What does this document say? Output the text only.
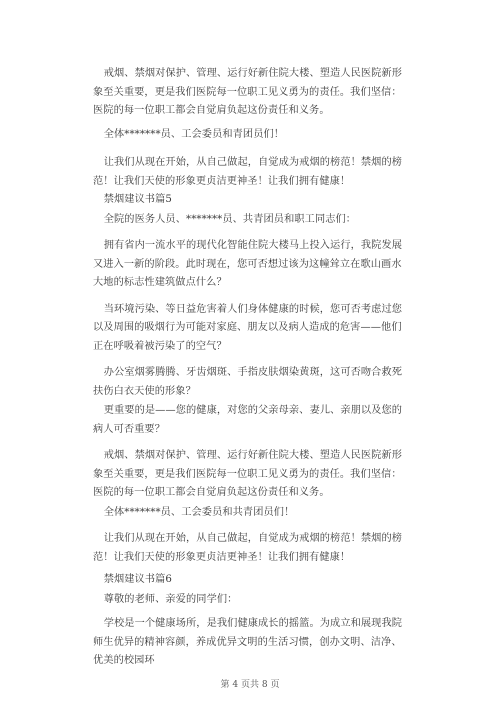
戒烟、禁烟对保护、管理、运行好新住院大楼、塑造人民医院新形象至关重要，更是我们医院每一位职工见义勇为的责任。我们坚信：医院的每一位职工都会自觉肩负起这份责任和义务。

全体*******员、工会委员和青团员们！

让我们从现在开始，从自己做起，自觉成为戒烟的榜范！禁烟的榜范！让我们天使的形象更贞洁更神圣！让我们拥有健康！

禁烟建议书篇5

全院的医务人员、*******员、共青团员和职工同志们：

拥有省内一流水平的现代化智能住院大楼马上投入运行，我院发展又进入一新的阶段。此时现在，您可否想过该为这幢耸立在歌山画水大地的标志性建筑做点什么？

当环境污染、等日益危害着人们身体健康的时候，您可否考虑过您以及周围的吸烟行为可能对家庭、朋友以及病人造成的危害——他们正在呼吸着被污染了的空气？

办公室烟雾腾腾、牙齿烟斑、手指皮肤烟染黄斑，这可否吻合救死扶伤白衣天使的形象？

更重要的是——您的健康，对您的父亲母亲、妻儿、亲朋以及您的病人可否重要？

戒烟、禁烟对保护、管理、运行好新住院大楼、塑造人民医院新形象至关重要，更是我们医院每一位职工见义勇为的责任。我们坚信：医院的每一位职工都会自觉肩负起这份责任和义务。

全体*******员、工会委员和共青团员们！

让我们从现在开始，从自己做起，自觉成为戒烟的榜范！禁烟的榜范！让我们天使的形象更贞洁更神圣！让我们拥有健康！

禁烟建议书篇6

尊敬的老师、亲爱的同学们：

学校是一个健康场所，是我们健康成长的摇篮。为成立和展现我院师生优异的精神容颜，养成优异文明的生活习惯，创办文明、洁净、优美的校园环

第 4 页共 8 页
